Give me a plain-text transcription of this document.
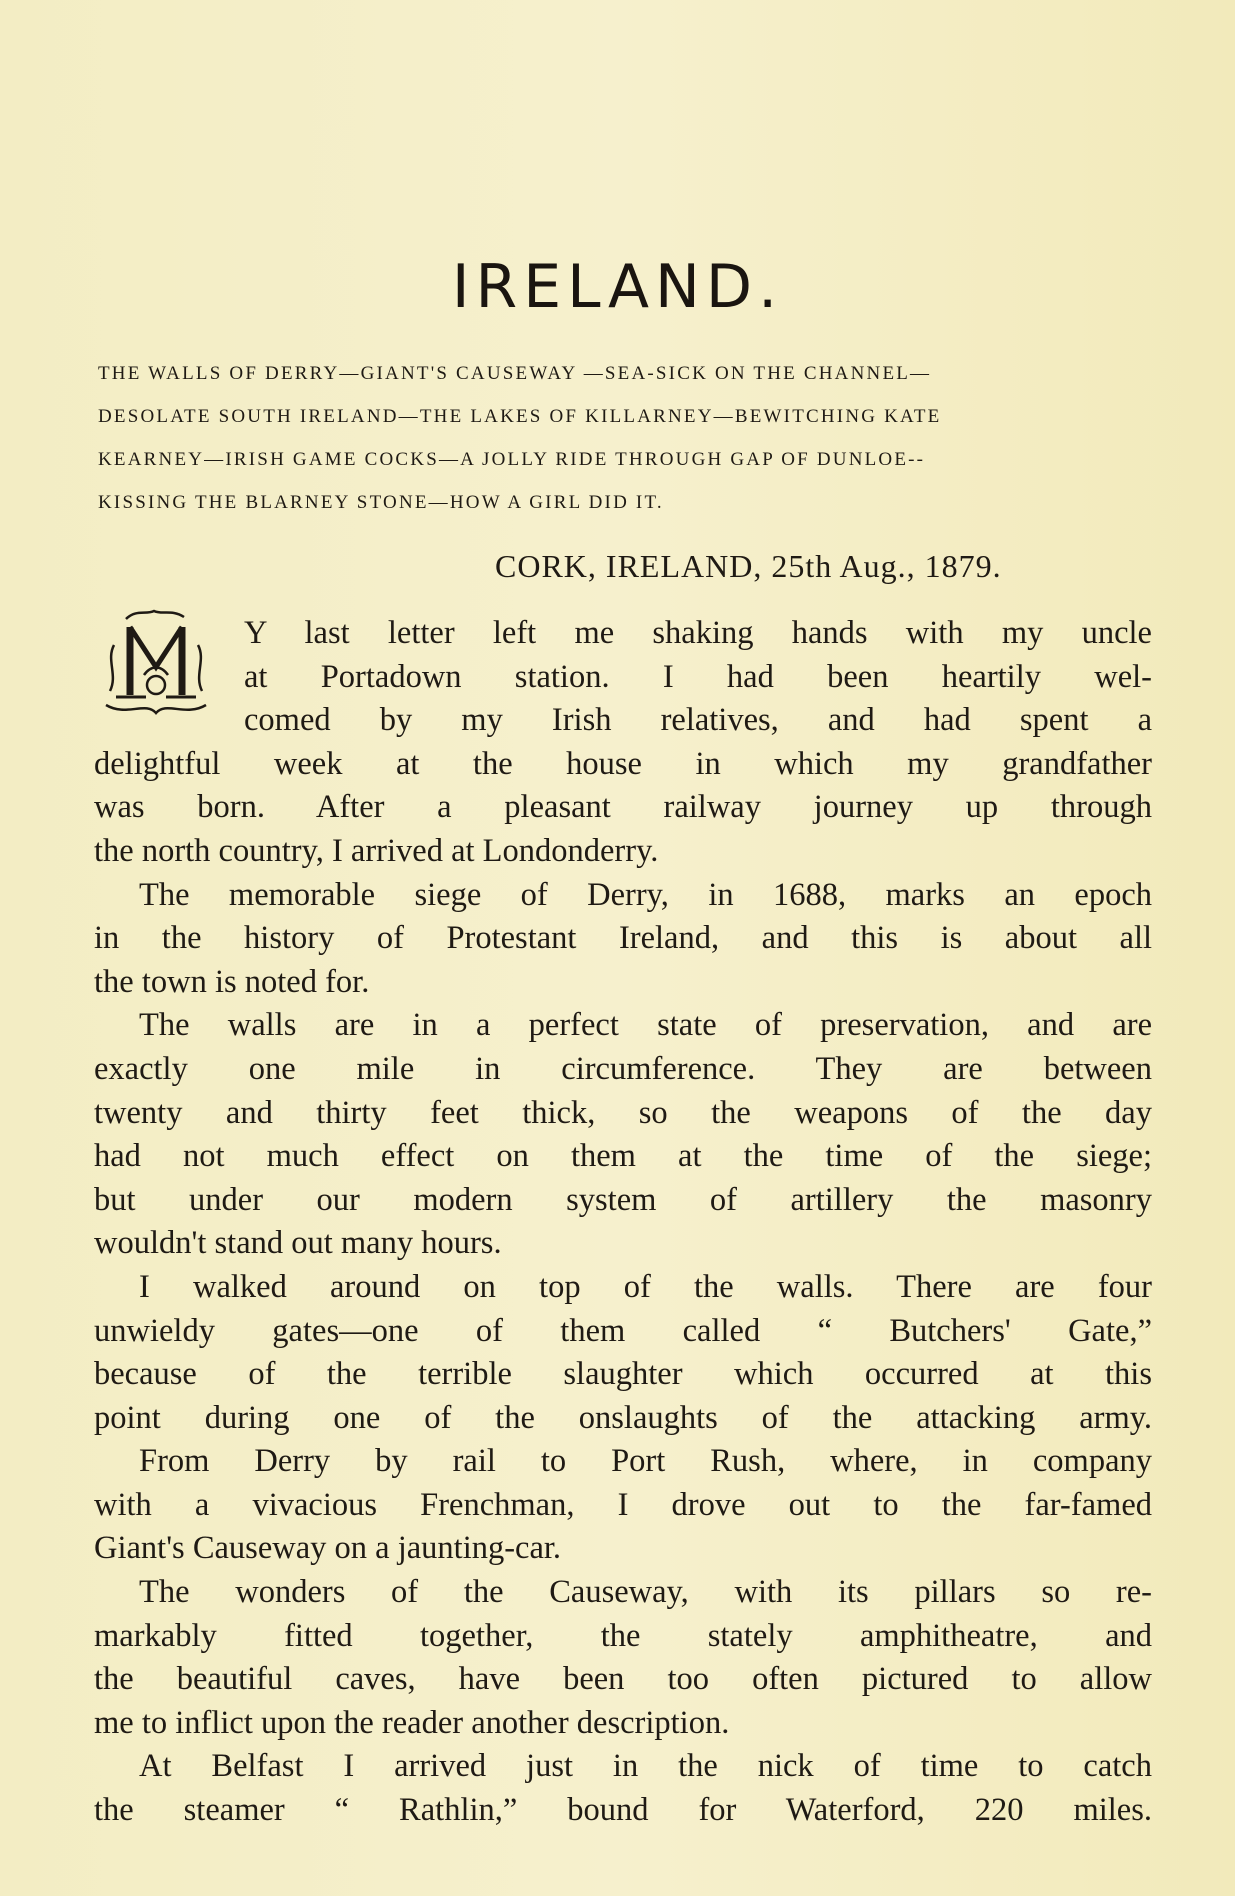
IRELAND.
THE WALLS OF DERRY—GIANT'S CAUSEWAY —SEA-SICK ON THE CHANNEL—
DESOLATE SOUTH IRELAND—THE LAKES OF KILLARNEY—BEWITCHING KATE
KEARNEY—IRISH GAME COCKS—A JOLLY RIDE THROUGH GAP OF DUNLOE--
KISSING THE BLARNEY STONE—HOW A GIRL DID IT.
CORK, IRELAND, 25th Aug., 1879.
Y last letter left me shaking hands with my uncle
at Portadown station. I had been heartily wel-
comed by my Irish relatives, and had spent a
delightful week at the house in which my grandfather
was born. After a pleasant railway journey up through
the north country, I arrived at Londonderry.
The memorable siege of Derry, in 1688, marks an epoch
in the history of Protestant Ireland, and this is about all
the town is noted for.
The walls are in a perfect state of preservation, and are
exactly one mile in circumference. They are between
twenty and thirty feet thick, so the weapons of the day
had not much effect on them at the time of the siege;
but under our modern system of artillery the masonry
wouldn't stand out many hours.
I walked around on top of the walls. There are four
unwieldy gates—one of them called “ Butchers' Gate,”
because of the terrible slaughter which occurred at this
point during one of the onslaughts of the attacking army.
From Derry by rail to Port Rush, where, in company
with a vivacious Frenchman, I drove out to the far-famed
Giant's Causeway on a jaunting-car.
The wonders of the Causeway, with its pillars so re-
markably fitted together, the stately amphitheatre, and
the beautiful caves, have been too often pictured to allow
me to inflict upon the reader another description.
At Belfast I arrived just in the nick of time to catch
the steamer “ Rathlin,” bound for Waterford, 220 miles.
